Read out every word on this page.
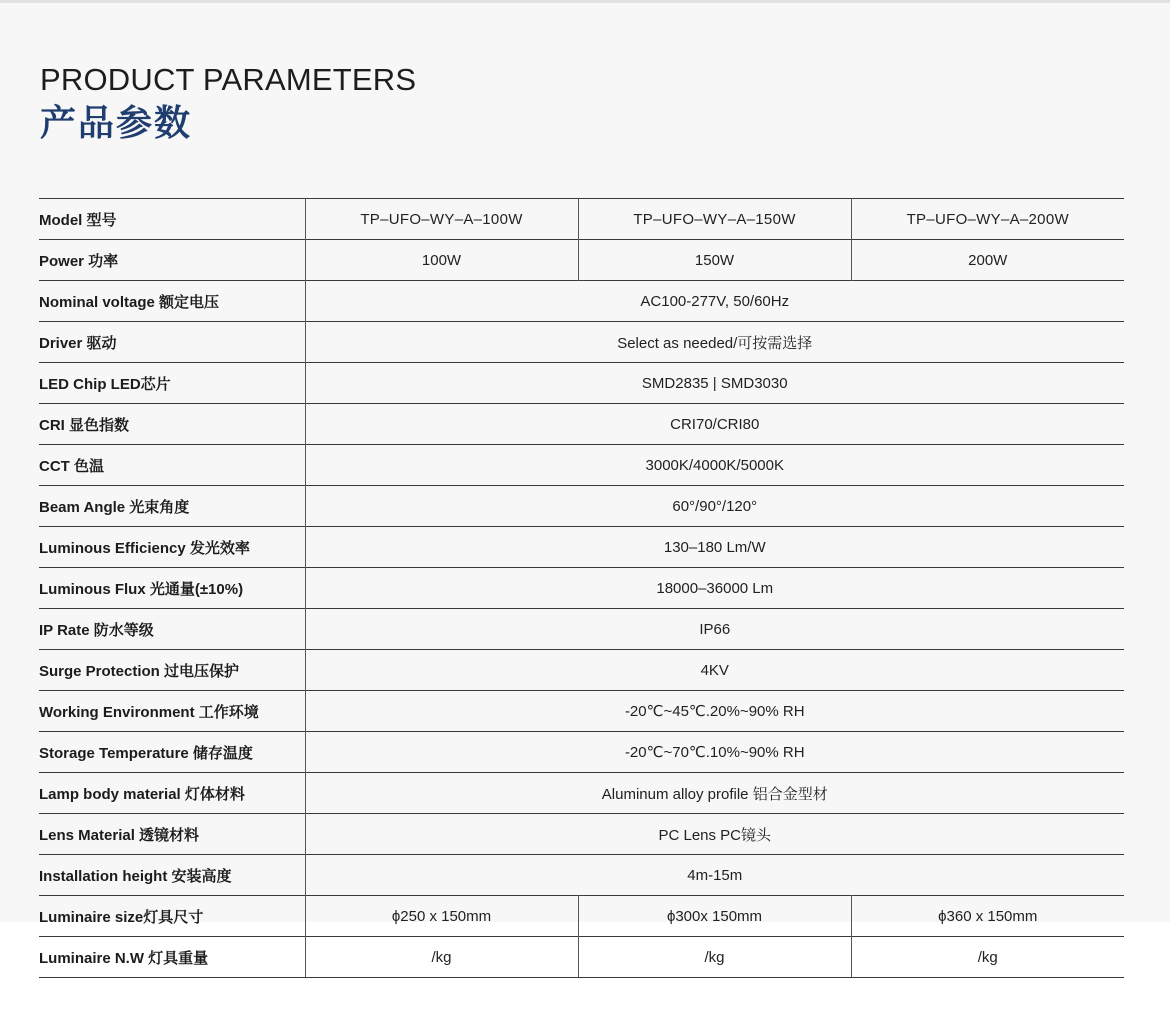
PRODUCT PARAMETERS
产品参数
Model 型号	TP–UFO–WY–A–100W	TP–UFO–WY–A–150W	TP–UFO–WY–A–200W
Power 功率	100W	150W	200W
Nominal voltage 额定电压	AC100-277V, 50/60Hz		
Driver 驱动	Select as needed/可按需选择		
LED Chip LED芯片	SMD2835 | SMD3030		
CRI 显色指数	CRI70/CRI80		
CCT 色温	3000K/4000K/5000K		
Beam Angle 光束角度	60°/90°/120°		
Luminous Efficiency 发光效率	130–180 Lm/W		
Luminous Flux 光通量(±10%)	18000–36000 Lm		
IP Rate 防水等级	IP66		
Surge Protection 过电压保护	4KV		
Working Environment 工作环境	-20℃~45℃.20%~90% RH		
Storage Temperature 储存温度	-20℃~70℃.10%~90% RH		
Lamp body material 灯体材料	Aluminum alloy profile 铝合金型材		
Lens Material 透镜材料	PC Lens PC镜头		
Installation height 安装高度	4m-15m		
Luminaire size灯具尺寸	ϕ250 x 150mm	ϕ300x 150mm	ϕ360 x 150mm
Luminaire N.W 灯具重量	/kg	/kg	/kg
